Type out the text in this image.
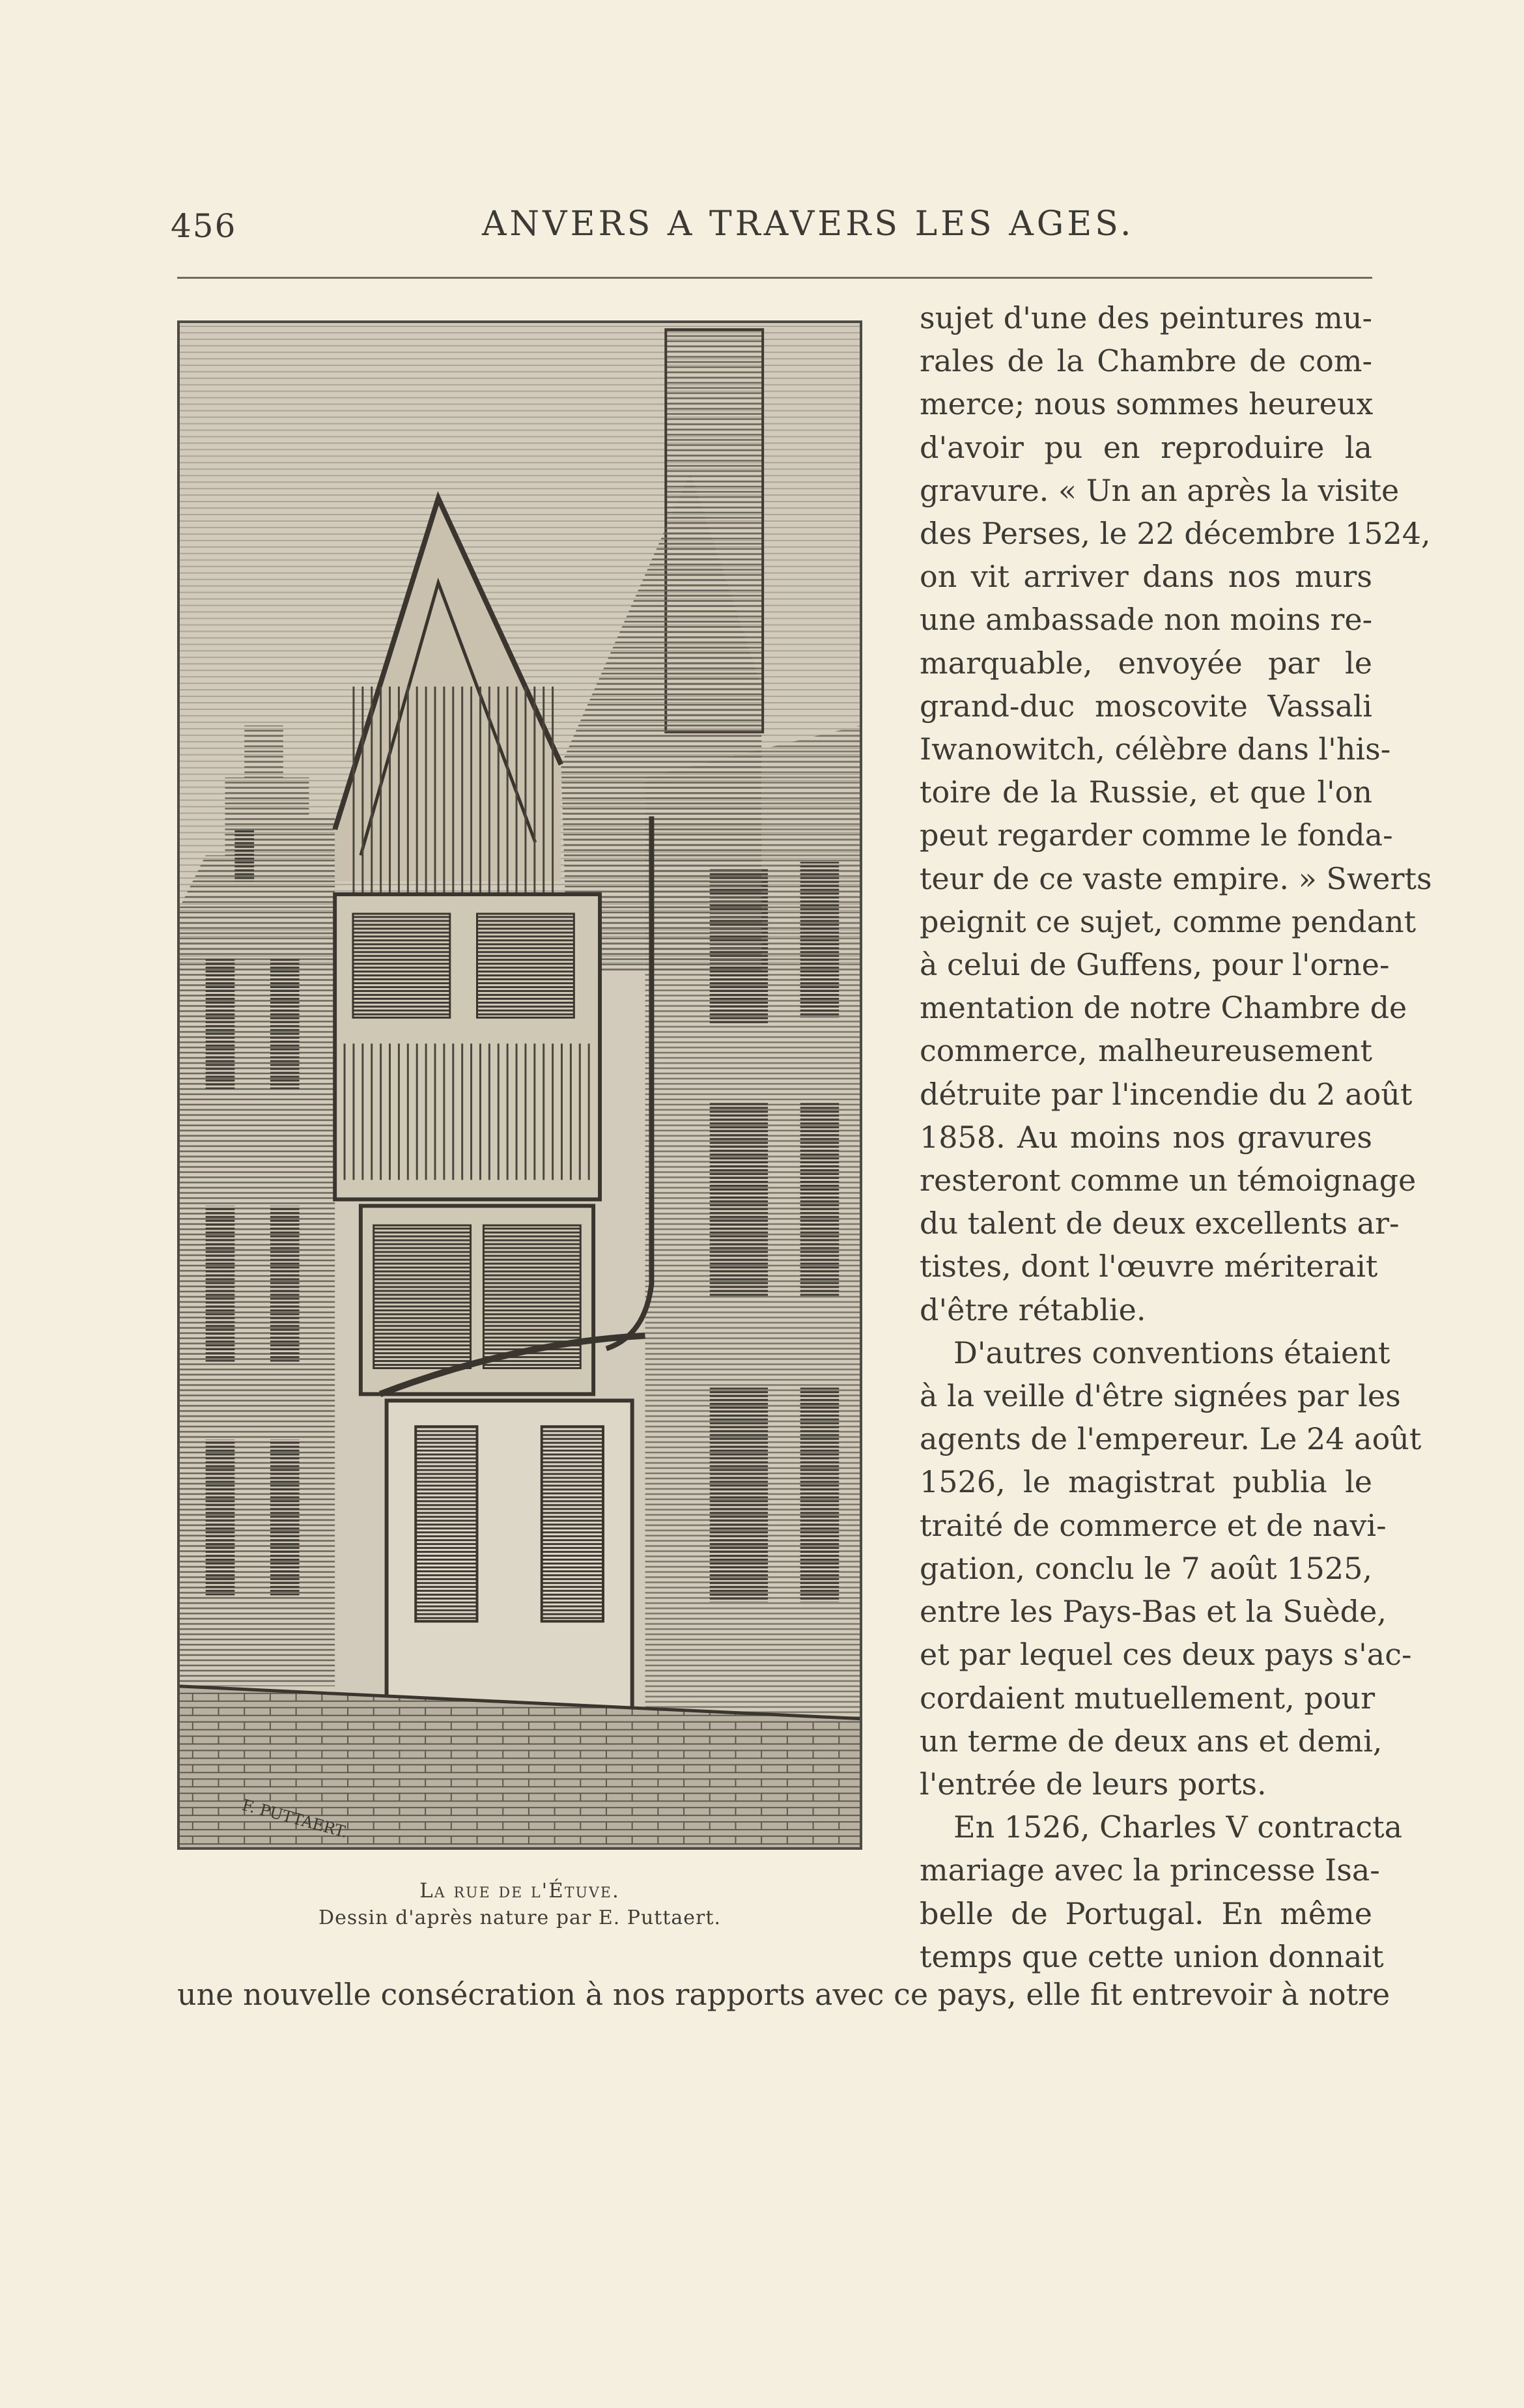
456	ANVERS A TRAVERS LES AGES.
F. PUTTAERT.
La rue de l'Étuve.
Dessin d'après nature par E. Puttaert.
sujet d'une des peintures mu-
rales de la Chambre de com-
merce; nous sommes heureux
d'avoir pu en reproduire la
gravure. « Un an après la visite
des Perses, le 22 décembre 1524,
on vit arriver dans nos murs
une ambassade non moins re-
marquable, envoyée par le
grand-duc moscovite Vassali
Iwanowitch, célèbre dans l'his-
toire de la Russie, et que l'on
peut regarder comme le fonda-
teur de ce vaste empire. » Swerts
peignit ce sujet, comme pendant
à celui de Guffens, pour l'orne-
mentation de notre Chambre de
commerce, malheureusement
détruite par l'incendie du 2 août
1858. Au moins nos gravures
resteront comme un témoignage
du talent de deux excellents ar-
tistes, dont l'œuvre mériterait
d'être rétablie.
D'autres conventions étaient
à la veille d'être signées par les
agents de l'empereur. Le 24 août
1526, le magistrat publia le
traité de commerce et de navi-
gation, conclu le 7 août 1525,
entre les Pays-Bas et la Suède,
et par lequel ces deux pays s'ac-
cordaient mutuellement, pour
un terme de deux ans et demi,
l'entrée de leurs ports.
En 1526, Charles V contracta
mariage avec la princesse Isa-
belle de Portugal. En même
temps que cette union donnait

une nouvelle consécration à nos rapports avec ce pays, elle fit entrevoir à notre
